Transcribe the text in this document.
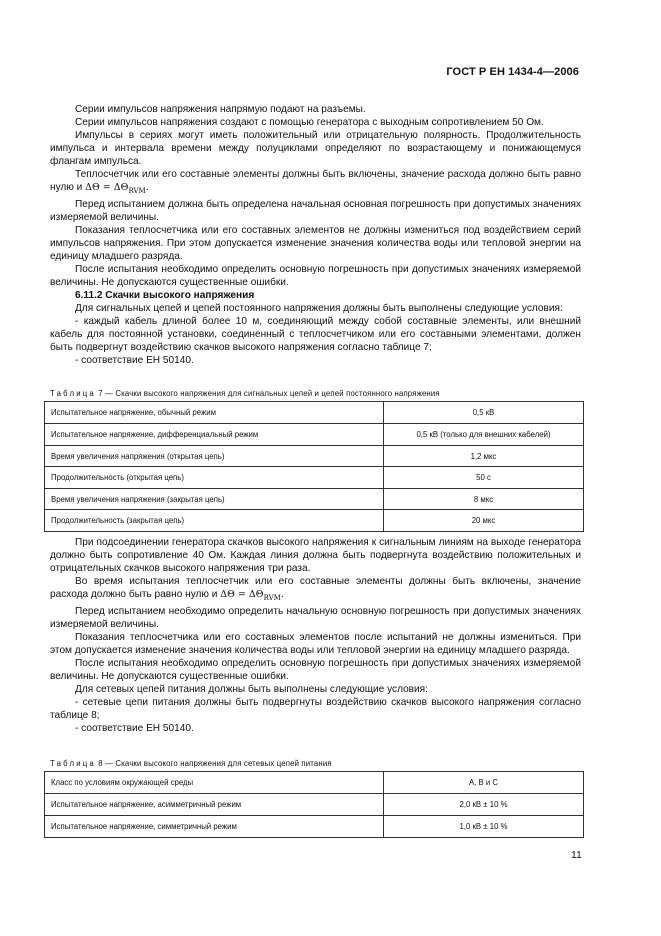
ГОСТ Р ЕН 1434-4—2006

Серии импульсов напряжения напрямую подают на разъемы.

Серии импульсов напряжения создают с помощью генератора с выходным сопротивлением 50 Ом.

Импульсы в сериях могут иметь положительный или отрицательную полярность. Продолжительность импульса и интервала времени между полуциклами определяют по возрастающему и понижающемуся флангам импульса.

Теплосчетчик или его составные элементы должны быть включены, значение расхода должно быть равно нулю и $\Delta\Theta = \Delta\Theta_{RVM}$.

Перед испытанием должна быть определена начальная основная погрешность при допустимых значениях измеряемой величины.

Показания теплосчетчика или его составных элементов не должны измениться под воздействием серий импульсов напряжения. При этом допускается изменение значения количества воды или тепловой энергии на единицу младшего разряда.

После испытания необходимо определить основную погрешность при допустимых значениях измеряемой величины. Не допускаются существенные ошибки.

6.11.2 Скачки высокого напряжения

Для сигнальных цепей и цепей постоянного напряжения должны быть выполнены следующие условия:

- каждый кабель длиной более 10 м, соединяющий между собой составные элементы, или внешний кабель для постоянной установки, соединенный с теплосчетчиком или его составными элементами, должен быть подвергнут воздействию скачков высокого напряжения согласно таблице 7;

- соответствие ЕН 50140.

Таблица 7 — Скачки высокого напряжения для сигнальных цепей и цепей постоянного напряжения
Испытательное напряжение, обычный режим	0,5 кВ
Испытательное напряжение, дифференциальный режим	0,5 кВ (только для внешних кабелей)
Время увеличения напряжения (открытая цепь)	1,2 мкс
Продолжительность (открытая цепь)	50 с
Время увеличения напряжения (закрытая цепь)	8 мкс
Продолжительность (закрытая цепь)	20 мкс

При подсоединении генератора скачков высокого напряжения к сигнальным линиям на выходе генератора должно быть сопротивление 40 Ом. Каждая линия должна быть подвергнута воздействию положительных и отрицательных скачков высокого напряжения три раза.

Во время испытания теплосчетчик или его составные элементы должны быть включены, значение расхода должно быть равно нулю и $\Delta\Theta = \Delta\Theta_{RVM}$.

Перед испытанием необходимо определить начальную основную погрешность при допустимых значениях измеряемой величины.

Показания теплосчетчика или его составных элементов после испытаний не должны измениться. При этом допускается изменение значения количества воды или тепловой энергии на единицу младшего разряда.

После испытания необходимо определить основную погрешность при допустимых значениях измеряемой величины. Не допускаются существенные ошибки.

Для сетевых цепей питания должны быть выполнены следующие условия:

- сетевые цепи питания должны быть подвергнуты воздействию скачков высокого напряжения согласно таблице 8;

- соответствие ЕН 50140.

Таблица 8 — Скачки высокого напряжения для сетевых цепей питания
Класс по условиям окружающей среды	А, В и С
Испытательное напряжение, асимметричный режим	2,0 кВ ± 10 %
Испытательное напряжение, симметричный режим	1,0 кВ ± 10 %
11
